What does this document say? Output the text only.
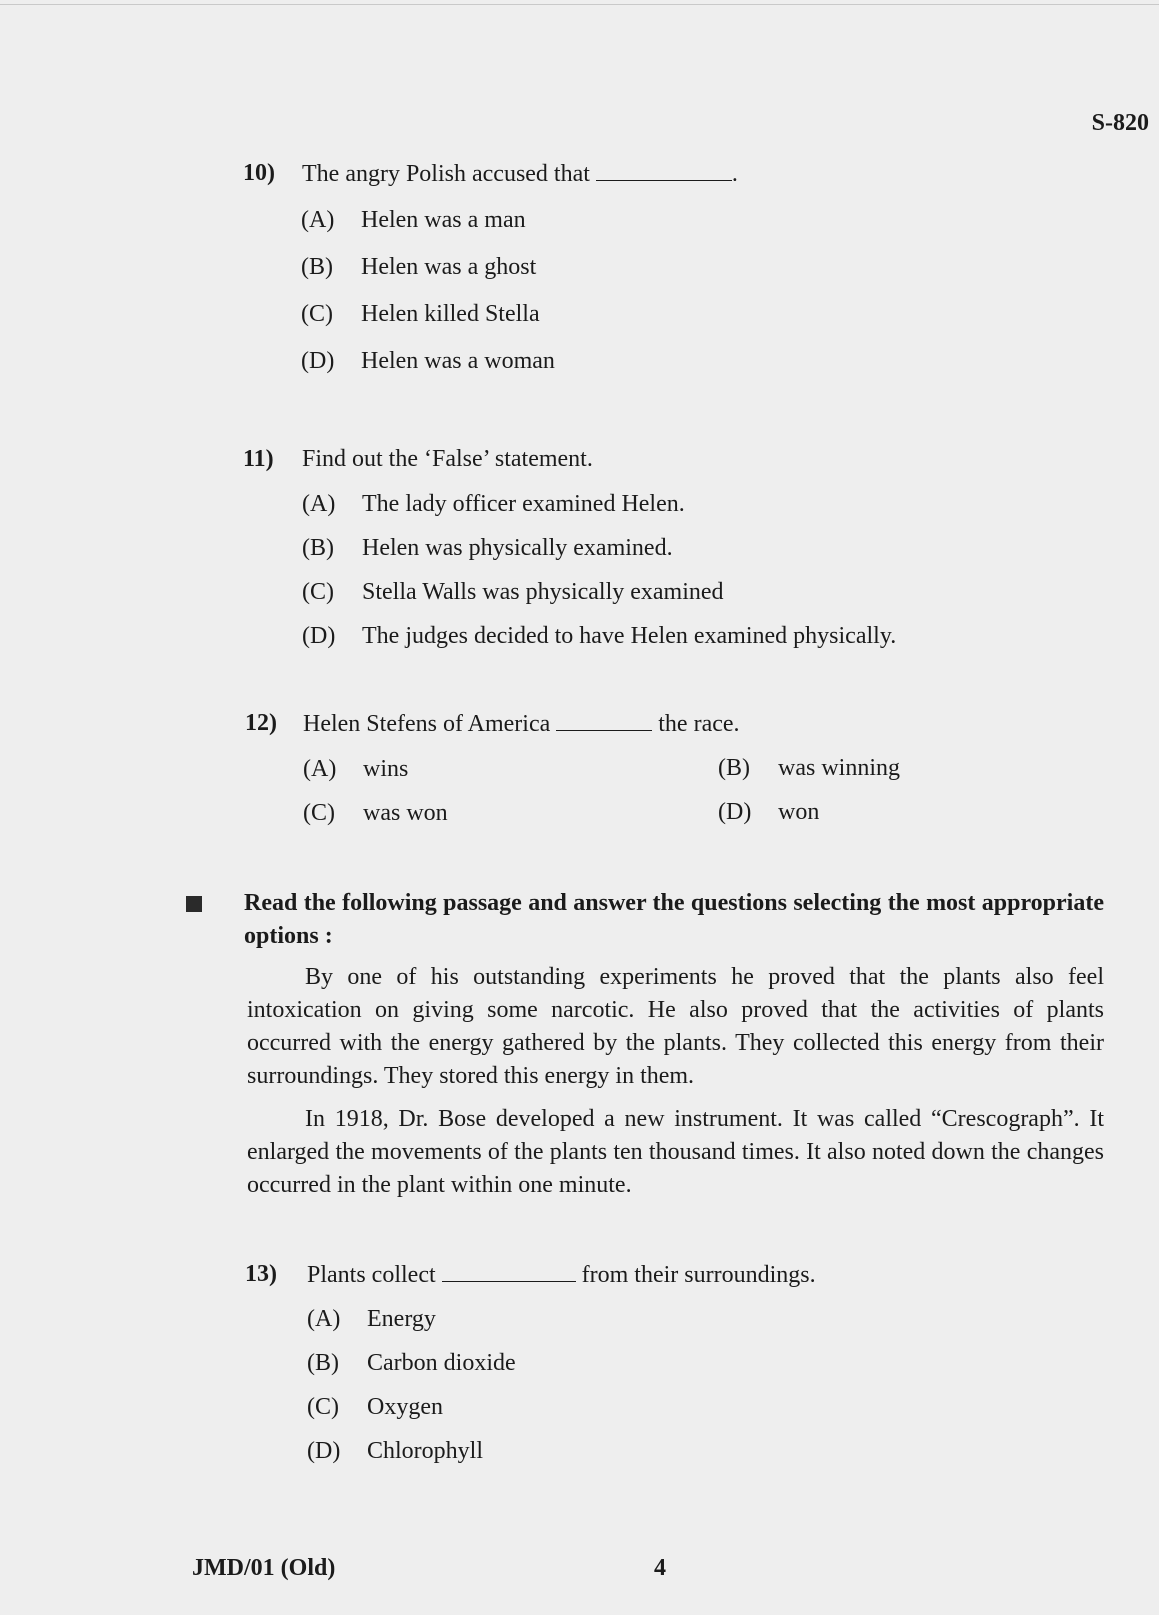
S-820
10) The angry Polish accused that	.
(A) Helen was a man
(B) Helen was a ghost
(C) Helen killed Stella
(D) Helen was a woman
11) Find out the ‘False’ statement.
(A) The lady officer examined Helen.
(B) Helen was physically examined.
(C) Stella Walls was physically examined
(D) The judges decided to have Helen examined physically.
12) Helen Stefens of America	the race.
(A) wins	(B) was winning
(C) was won	(D) won
Read the following passage and answer the questions selecting the most appropriate options :

By one of his outstanding experiments he proved that the plants also feel intoxication on giving some narcotic. He also proved that the activities of plants occurred with the energy gathered by the plants. They collected this energy from their surroundings. They stored this energy in them.

In 1918, Dr. Bose developed a new instrument. It was called “Crescograph”. It enlarged the movements of the plants ten thousand times. It also noted down the changes occurred in the plant within one minute.

13) Plants collect	from their surroundings.
(A) Energy
(B) Carbon dioxide
(C) Oxygen
(D) Chlorophyll
JMD/01 (Old)	4
